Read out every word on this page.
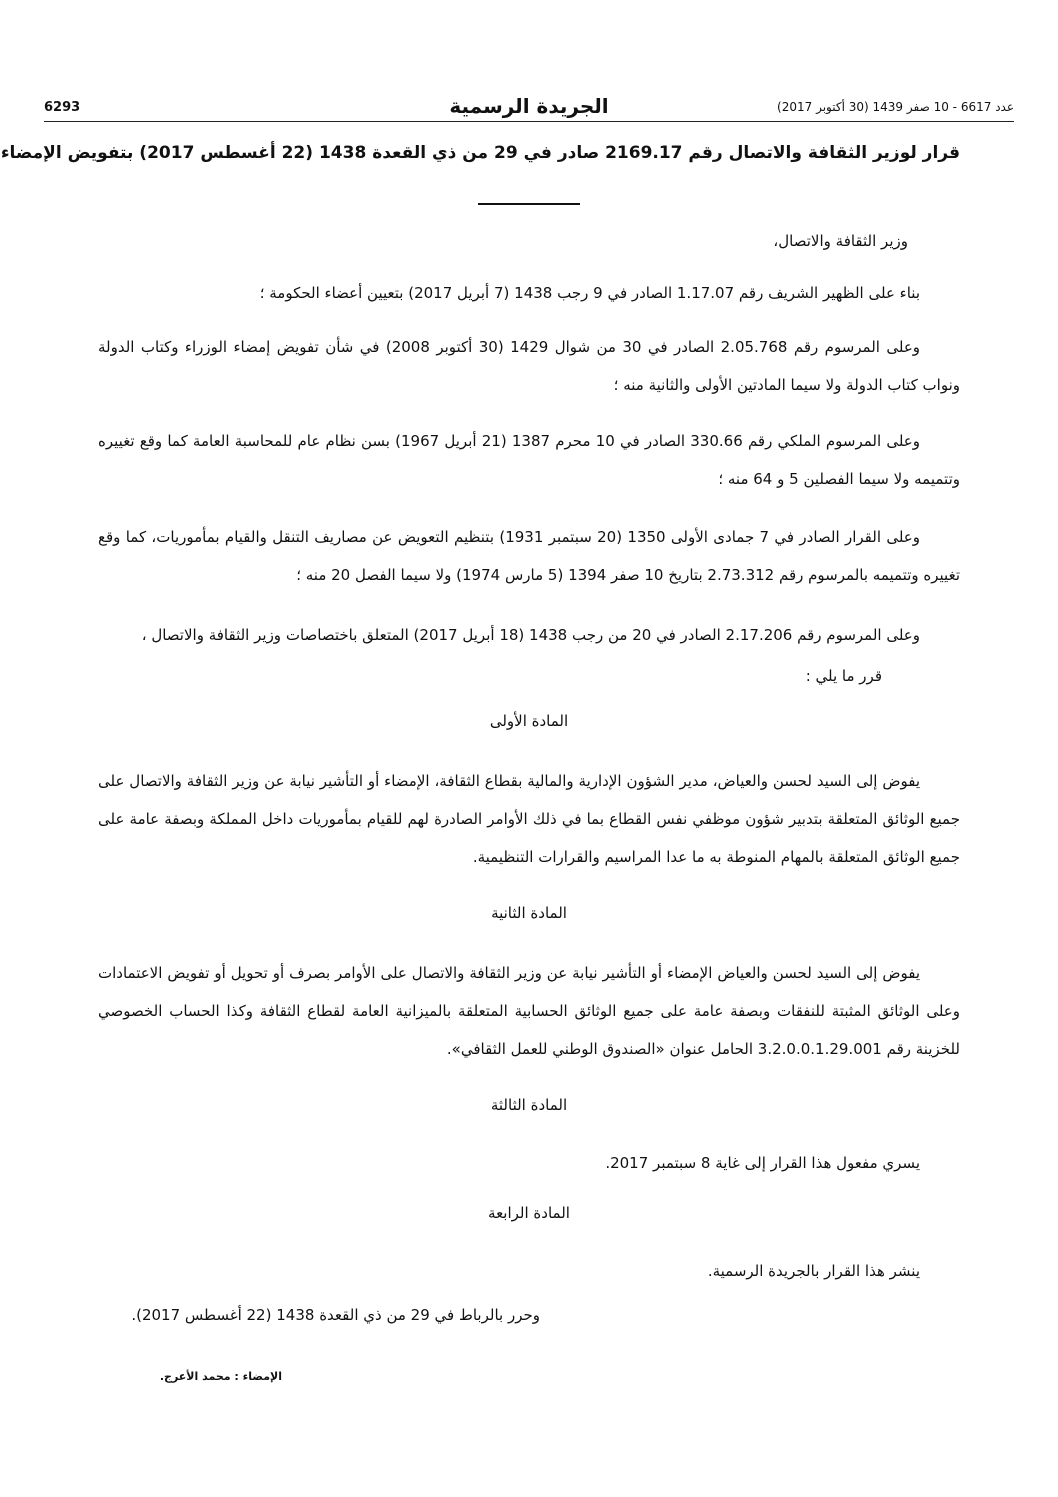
6293	الجريدة الرسمية	عدد 6617 - 10 صفر 1439 (30 أكتوبر 2017)
قرار لوزير الثقافة والاتصال رقم 2169.17 صادر في 29 من ذي القعدة 1438 (22 أغسطس 2017) بتفويض الإمضاء
وزير الثقافة والاتصال،
بناء على الظهير الشريف رقم 1.17.07 الصادر في 9 رجب 1438 (7 أبريل 2017) بتعيين أعضاء الحكومة ؛
وعلى المرسوم رقم 2.05.768 الصادر في 30 من شوال 1429 (30 أكتوبر 2008) في شأن تفويض إمضاء الوزراء وكتاب الدولة ونواب كتاب الدولة ولا سيما المادتين الأولى والثانية منه ؛
وعلى المرسوم الملكي رقم 330.66 الصادر في 10 محرم 1387 (21 أبريل 1967) بسن نظام عام للمحاسبة العامة كما وقع تغييره وتتميمه ولا سيما الفصلين 5 و 64 منه ؛
وعلى القرار الصادر في 7 جمادى الأولى 1350 (20 سبتمبر 1931) بتنظيم التعويض عن مصاريف التنقل والقيام بمأموريات، كما وقع تغييره وتتميمه بالمرسوم رقم 2.73.312 بتاريخ 10 صفر 1394 (5 مارس 1974) ولا سيما الفصل 20 منه ؛
وعلى المرسوم رقم 2.17.206 الصادر في 20 من رجب 1438 (18 أبريل 2017) المتعلق باختصاصات وزير الثقافة والاتصال ،
قرر ما يلي :
المادة الأولى
يفوض إلى السيد لحسن والعياض، مدير الشؤون الإدارية والمالية بقطاع الثقافة، الإمضاء أو التأشير نيابة عن وزير الثقافة والاتصال على جميع الوثائق المتعلقة بتدبير شؤون موظفي نفس القطاع بما في ذلك الأوامر الصادرة لهم للقيام بمأموريات داخل المملكة وبصفة عامة على جميع الوثائق المتعلقة بالمهام المنوطة به ما عدا المراسيم والقرارات التنظيمية.
المادة الثانية
يفوض إلى السيد لحسن والعياض الإمضاء أو التأشير نيابة عن وزير الثقافة والاتصال على الأوامر بصرف أو تحويل أو تفويض الاعتمادات وعلى الوثائق المثبتة للنفقات وبصفة عامة على جميع الوثائق الحسابية المتعلقة بالميزانية العامة لقطاع الثقافة وكذا الحساب الخصوصي للخزينة رقم 3.2.0.0.1.29.001 الحامل عنوان «الصندوق الوطني للعمل الثقافي».
المادة الثالثة
يسري مفعول هذا القرار إلى غاية 8 سبتمبر 2017.
المادة الرابعة
ينشر هذا القرار بالجريدة الرسمية.
وحرر بالرباط في 29 من ذي القعدة 1438 (22 أغسطس 2017).
الإمضاء : محمد الأعرج.
